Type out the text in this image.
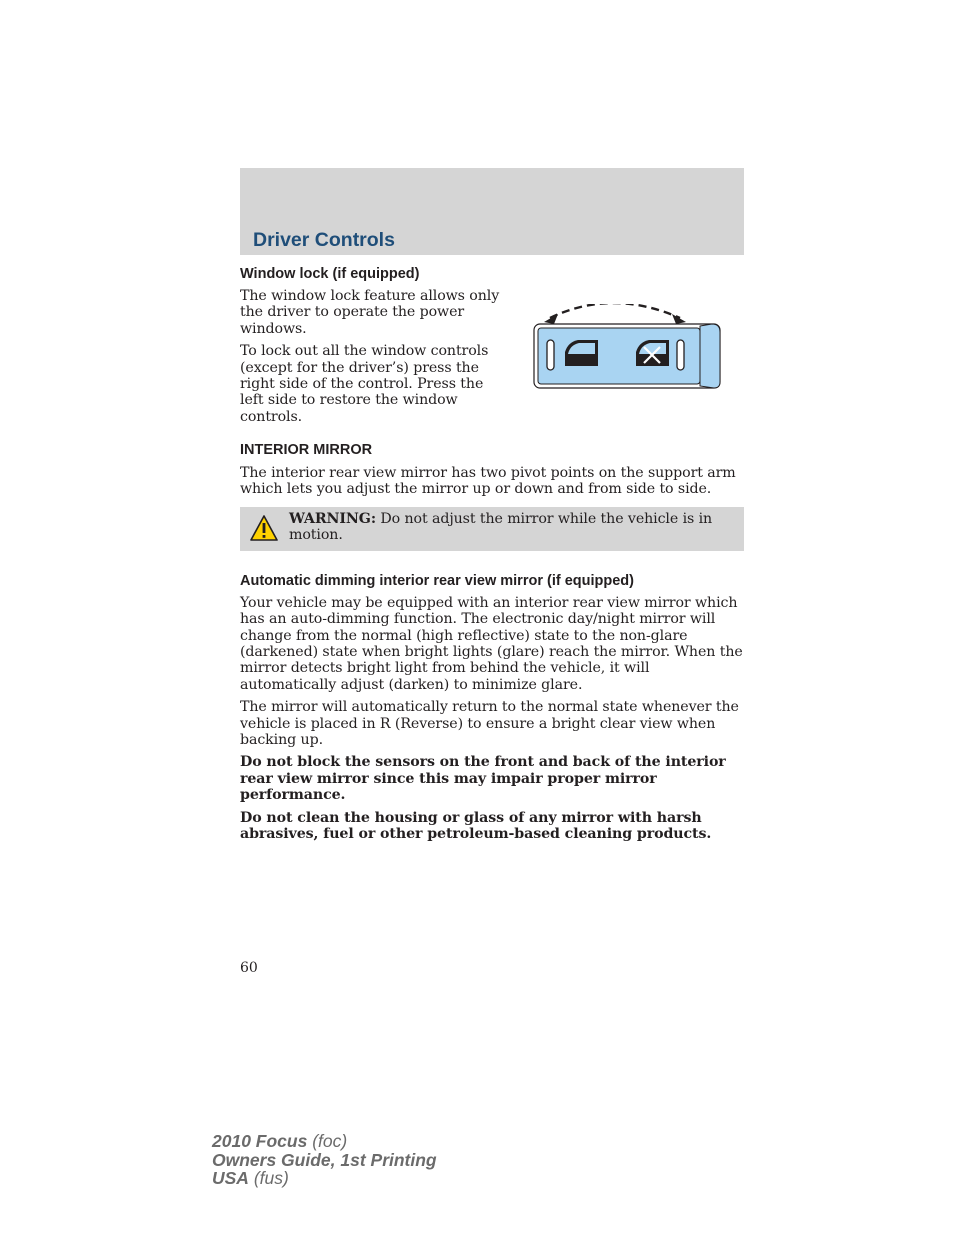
Driver Controls
Window lock (if equipped)

The window lock feature allows only the driver to operate the power windows.

To lock out all the window controls (except for the driver’s) press the right side of the control. Press the left side to restore the window controls.

INTERIOR MIRROR

The interior rear view mirror has two pivot points on the support arm which lets you adjust the mirror up or down and from side to side.

WARNING: Do not adjust the mirror while the vehicle is in motion.

Automatic dimming interior rear view mirror (if equipped)

Your vehicle may be equipped with an interior rear view mirror which has an auto-dimming function. The electronic day/night mirror will change from the normal (high reflective) state to the non-glare (darkened) state when bright lights (glare) reach the mirror. When the mirror detects bright light from behind the vehicle, it will automatically adjust (darken) to minimize glare.

The mirror will automatically return to the normal state whenever the vehicle is placed in R (Reverse) to ensure a bright clear view when backing up.

Do not block the sensors on the front and back of the interior rear view mirror since this may impair proper mirror performance.

Do not clean the housing or glass of any mirror with harsh abrasives, fuel or other petroleum-based cleaning products.

60
2010 Focus (foc)
Owners Guide, 1st Printing
USA (fus)
